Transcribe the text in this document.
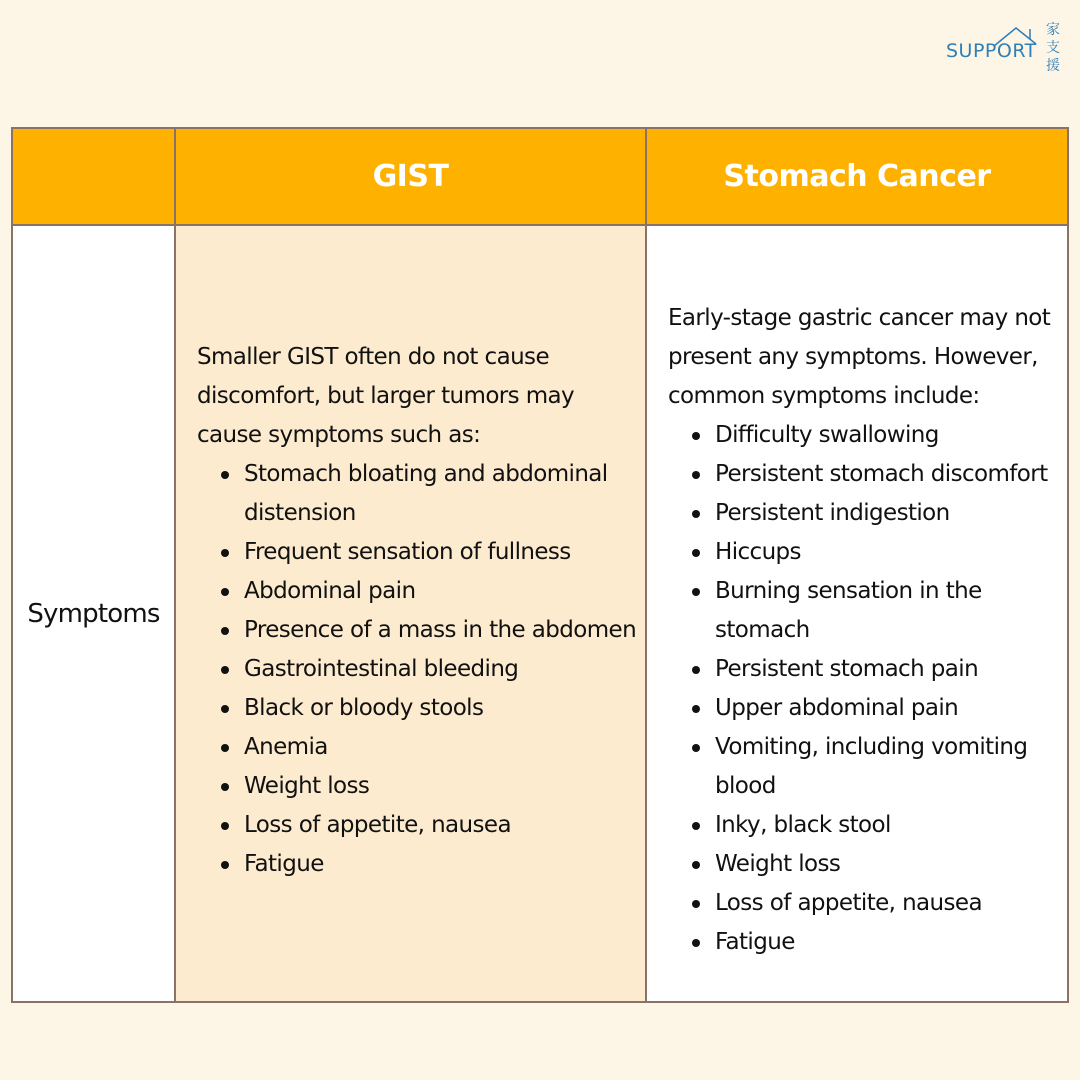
SUPPORT
家
支
援
GIST	Stomach Cancer
Symptoms

Smaller GIST often do not cause discomfort, but larger tumors may cause symptoms such as:

Stomach bloating and abdominal distension
Frequent sensation of fullness
Abdominal pain
Presence of a mass in the abdomen
Gastrointestinal bleeding
Black or bloody stools
Anemia
Weight loss
Loss of appetite, nausea
Fatigue

Early-stage gastric cancer may not present any symptoms. However, common symptoms include:

Difficulty swallowing
Persistent stomach discomfort
Persistent indigestion
Hiccups
Burning sensation in the stomach
Persistent stomach pain
Upper abdominal pain
Vomiting, including vomiting blood
Inky, black stool
Weight loss
Loss of appetite, nausea
Fatigue
